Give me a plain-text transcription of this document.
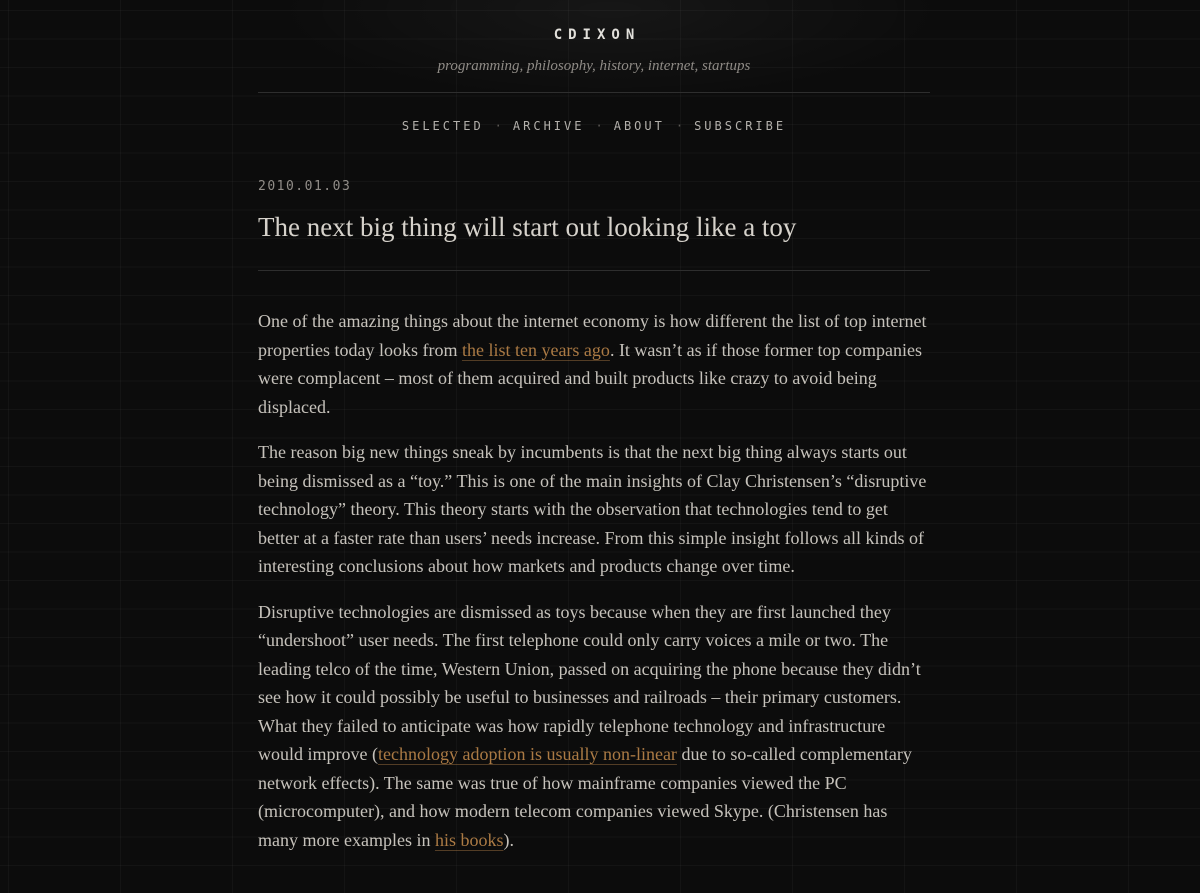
CDIXON
programming, philosophy, history, internet, startups
SELECTED · ARCHIVE · ABOUT · SUBSCRIBE
2010.01.03
The next big thing will start out looking like a toy

One of the amazing things about the internet economy is how different the list of top internet properties today looks from the list ten years ago. It wasn’t as if those former top companies were complacent – most of them acquired and built products like crazy to avoid being displaced.

The reason big new things sneak by incumbents is that the next big thing always starts out being dismissed as a “toy.” This is one of the main insights of Clay Christensen’s “disruptive technology” theory. This theory starts with the observation that technologies tend to get better at a faster rate than users’ needs increase. From this simple insight follows all kinds of interesting conclusions about how markets and products change over time.

Disruptive technologies are dismissed as toys because when they are first launched they “undershoot” user needs. The first telephone could only carry voices a mile or two. The leading telco of the time, Western Union, passed on acquiring the phone because they didn’t see how it could possibly be useful to businesses and railroads – their primary customers. What they failed to anticipate was how rapidly telephone technology and infrastructure would improve (technology adoption is usually non-linear due to so-called complementary network effects). The same was true of how mainframe companies viewed the PC (microcomputer), and how modern telecom companies viewed Skype. (Christensen has many more examples in his books).
